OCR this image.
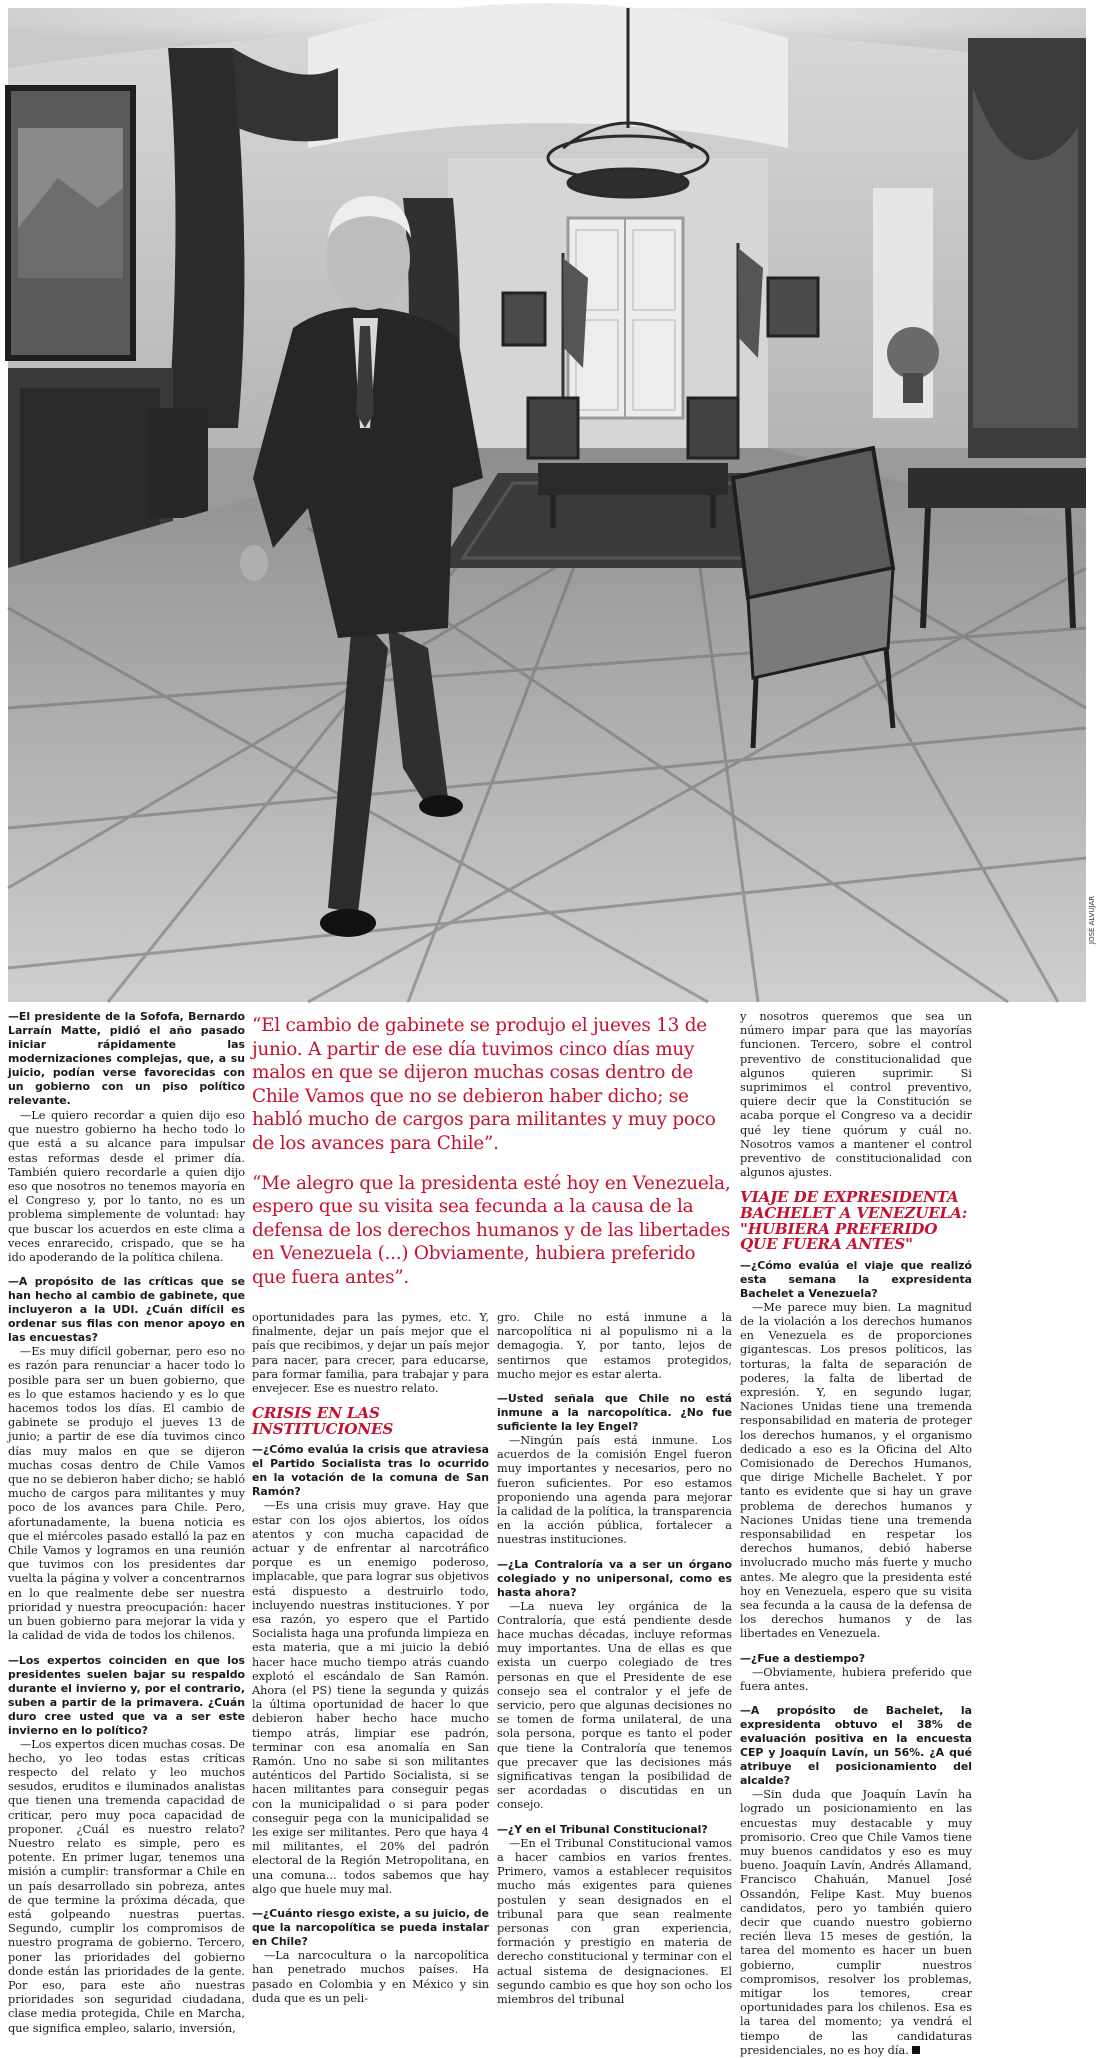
JOSÉ ALVUJAR

—El presidente de la Sofofa, Bernardo Larraín Matte, pidió el año pasado iniciar rápidamente las modernizaciones complejas, que, a su juicio, podían verse favorecidas con un gobierno con un piso político relevante.

—Le quiero recordar a quien dijo eso que nuestro gobierno ha hecho todo lo que está a su alcance para impulsar estas reformas desde el primer día. También quiero recordarle a quien dijo eso que nosotros no tenemos mayoría en el Congreso y, por lo tanto, no es un problema simplemente de voluntad: hay que buscar los acuerdos en este clima a veces enrarecido, crispado, que se ha ido apoderando de la política chilena.

—A propósito de las críticas que se han hecho al cambio de gabinete, que incluyeron a la UDI. ¿Cuán difícil es ordenar sus filas con menor apoyo en las encuestas?

—Es muy difícil gobernar, pero eso no es razón para renunciar a hacer todo lo posible para ser un buen gobierno, que es lo que estamos haciendo y es lo que hacemos todos los días. El cambio de gabinete se produjo el jueves 13 de junio; a partir de ese día tuvimos cinco días muy malos en que se dijeron muchas cosas dentro de Chile Vamos que no se debieron haber dicho; se habló mucho de cargos para militantes y muy poco de los avances para Chile. Pero, afortunadamente, la buena noticia es que el miércoles pasado estalló la paz en Chile Vamos y logramos en una reunión que tuvimos con los presidentes dar vuelta la página y volver a concentrarnos en lo que realmente debe ser nuestra prioridad y nuestra preocupación: hacer un buen gobierno para mejorar la vida y la calidad de vida de todos los chilenos.

—Los expertos coinciden en que los presidentes suelen bajar su respaldo durante el invierno y, por el contrario, suben a partir de la primavera. ¿Cuán duro cree usted que va a ser este invierno en lo político?

—Los expertos dicen muchas cosas. De hecho, yo leo todas estas críticas respecto del relato y leo muchos sesudos, eruditos e iluminados analistas que tienen una tremenda capacidad de criticar, pero muy poca capacidad de proponer. ¿Cuál es nuestro relato? Nuestro relato es simple, pero es potente. En primer lugar, tenemos una misión a cumplir: transformar a Chile en un país desarrollado sin pobreza, antes de que termine la próxima década, que está golpeando nuestras puertas. Segundo, cumplir los compromisos de nuestro programa de gobierno. Tercero, poner las prioridades del gobierno donde están las prioridades de la gente. Por eso, para este año nuestras prioridades son seguridad ciudadana, clase media protegida, Chile en Marcha, que significa empleo, salario, inversión,

“El cambio de gabinete se produjo el jueves 13 de junio. A partir de ese día tuvimos cinco días muy malos en que se dijeron muchas cosas dentro de Chile Vamos que no se debieron haber dicho; se habló mucho de cargos para militantes y muy poco de los avances para Chile”.

“Me alegro que la presidenta esté hoy en Venezuela, espero que su visita sea fecunda a la causa de la defensa de los derechos humanos y de las libertades en Venezuela (...) Obviamente, hubiera preferido que fuera antes”.

oportunidades para las pymes, etc. Y, finalmente, dejar un país mejor que el país que recibimos, y dejar un país mejor para nacer, para crecer, para educarse, para formar familia, para trabajar y para envejecer. Ese es nuestro relato.

CRISIS EN LAS INSTITUCIONES

—¿Cómo evalúa la crisis que atraviesa el Partido Socialista tras lo ocurrido en la votación de la comuna de San Ramón?

—Es una crisis muy grave. Hay que estar con los ojos abiertos, los oídos atentos y con mucha capacidad de actuar y de enfrentar al narcotráfico porque es un enemigo poderoso, implacable, que para lograr sus objetivos está dispuesto a destruirlo todo, incluyendo nuestras instituciones. Y por esa razón, yo espero que el Partido Socialista haga una profunda limpieza en esta materia, que a mi juicio la debió hacer hace mucho tiempo atrás cuando explotó el escándalo de San Ramón. Ahora (el PS) tiene la segunda y quizás la última oportunidad de hacer lo que debieron haber hecho hace mucho tiempo atrás, limpiar ese padrón, terminar con esa anomalía en San Ramón. Uno no sabe si son militantes auténticos del Partido Socialista, si se hacen militantes para conseguir pegas con la municipalidad o si para poder conseguir pega con la municipalidad se les exige ser militantes. Pero que haya 4 mil militantes, el 20% del padrón electoral de la Región Metropolitana, en una comuna... todos sabemos que hay algo que huele muy mal.

—¿Cuánto riesgo existe, a su juicio, de que la narcopolítica se pueda instalar en Chile?

—La narcocultura o la narcopolítica han penetrado muchos países. Ha pasado en Colombia y en México y sin duda que es un peli-

gro. Chile no está inmune a la narcopolítica ni al populismo ni a la demagogia. Y, por tanto, lejos de sentirnos que estamos protegidos, mucho mejor es estar alerta.

—Usted señala que Chile no está inmune a la narcopolítica. ¿No fue suficiente la ley Engel?

—Ningún país está inmune. Los acuerdos de la comisión Engel fueron muy importantes y necesarios, pero no fueron suficientes. Por eso estamos proponiendo una agenda para mejorar la calidad de la política, la transparencia en la acción pública, fortalecer a nuestras instituciones.

—¿La Contraloría va a ser un órgano colegiado y no unipersonal, como es hasta ahora?

—La nueva ley orgánica de la Contraloría, que está pendiente desde hace muchas décadas, incluye reformas muy importantes. Una de ellas es que exista un cuerpo colegiado de tres personas en que el Presidente de ese consejo sea el contralor y el jefe de servicio, pero que algunas decisiones no se tomen de forma unilateral, de una sola persona, porque es tanto el poder que tiene la Contraloría que tenemos que precaver que las decisiones más significativas tengan la posibilidad de ser acordadas o discutidas en un consejo.

—¿Y en el Tribunal Constitucional?

—En el Tribunal Constitucional vamos a hacer cambios en varios frentes. Primero, vamos a establecer requisitos mucho más exigentes para quienes postulen y sean designados en el tribunal para que sean realmente personas con gran experiencia, formación y prestigio en materia de derecho constitucional y terminar con el actual sistema de designaciones. El segundo cambio es que hoy son ocho los miembros del tribunal

y nosotros queremos que sea un número impar para que las mayorías funcionen. Tercero, sobre el control preventivo de constitucionalidad que algunos quieren suprimir. Si suprimimos el control preventivo, quiere decir que la Constitución se acaba porque el Congreso va a decidir qué ley tiene quórum y cuál no. Nosotros vamos a mantener el control preventivo de constitucionalidad con algunos ajustes.

VIAJE DE EXPRESIDENTA BACHELET A VENEZUELA: "HUBIERA PREFERIDO QUE FUERA ANTES"

—¿Cómo evalúa el viaje que realizó esta semana la expresidenta Bachelet a Venezuela?

—Me parece muy bien. La magnitud de la violación a los derechos humanos en Venezuela es de proporciones gigantescas. Los presos políticos, las torturas, la falta de separación de poderes, la falta de libertad de expresión. Y, en segundo lugar, Naciones Unidas tiene una tremenda responsabilidad en materia de proteger los derechos humanos, y el organismo dedicado a eso es la Oficina del Alto Comisionado de Derechos Humanos, que dirige Michelle Bachelet. Y por tanto es evidente que si hay un grave problema de derechos humanos y Naciones Unidas tiene una tremenda responsabilidad en respetar los derechos humanos, debió haberse involucrado mucho más fuerte y mucho antes. Me alegro que la presidenta esté hoy en Venezuela, espero que su visita sea fecunda a la causa de la defensa de los derechos humanos y de las libertades en Venezuela.

—¿Fue a destiempo?

—Obviamente, hubiera preferido que fuera antes.

—A propósito de Bachelet, la expresidenta obtuvo el 38% de evaluación positiva en la encuesta CEP y Joaquín Lavín, un 56%. ¿A qué atribuye el posicionamiento del alcalde?

—Sin duda que Joaquín Lavín ha logrado un posicionamiento en las encuestas muy destacable y muy promisorio. Creo que Chile Vamos tiene muy buenos candidatos y eso es muy bueno. Joaquín Lavín, Andrés Allamand, Francisco Chahuán, Manuel José Ossandón, Felipe Kast. Muy buenos candidatos, pero yo también quiero decir que cuando nuestro gobierno recién lleva 15 meses de gestión, la tarea del momento es hacer un buen gobierno, cumplir nuestros compromisos, resolver los problemas, mitigar los temores, crear oportunidades para los chilenos. Esa es la tarea del momento; ya vendrá el tiempo de las candidaturas presidenciales, no es hoy día.
